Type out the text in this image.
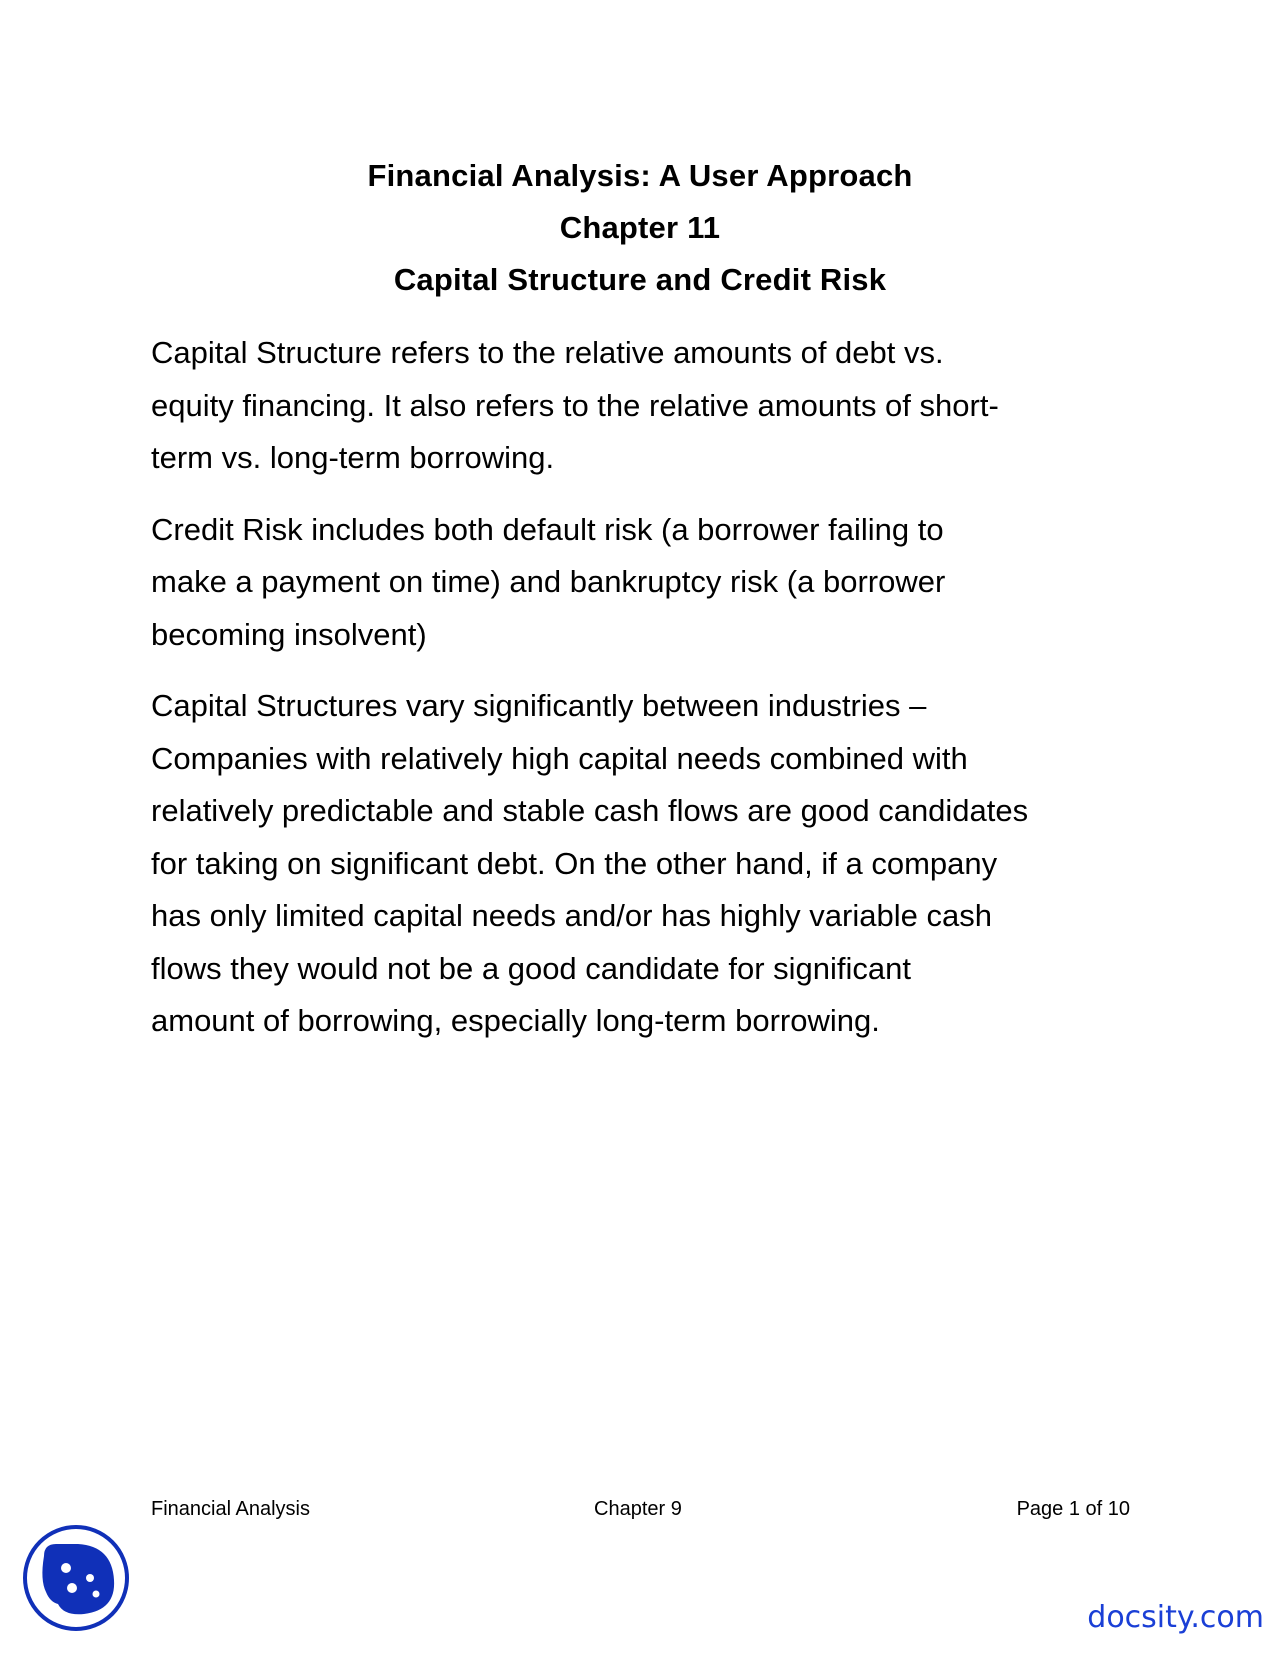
Financial Analysis: A User Approach
Chapter 11
Capital Structure and Credit Risk

Capital Structure refers to the relative amounts of debt vs.
equity financing. It also refers to the relative amounts of short-
term vs. long-term borrowing.

Credit Risk includes both default risk (a borrower failing to
make a payment on time) and bankruptcy risk (a borrower
becoming insolvent)

Capital Structures vary significantly between industries –
Companies with relatively high capital needs combined with
relatively predictable and stable cash flows are good candidates
for taking on significant debt. On the other hand, if a company
has only limited capital needs and/or has highly variable cash
flows they would not be a good candidate for significant
amount of borrowing, especially long-term borrowing.

Financial Analysis	Chapter 9	Page 1 of 10
docsity.com
